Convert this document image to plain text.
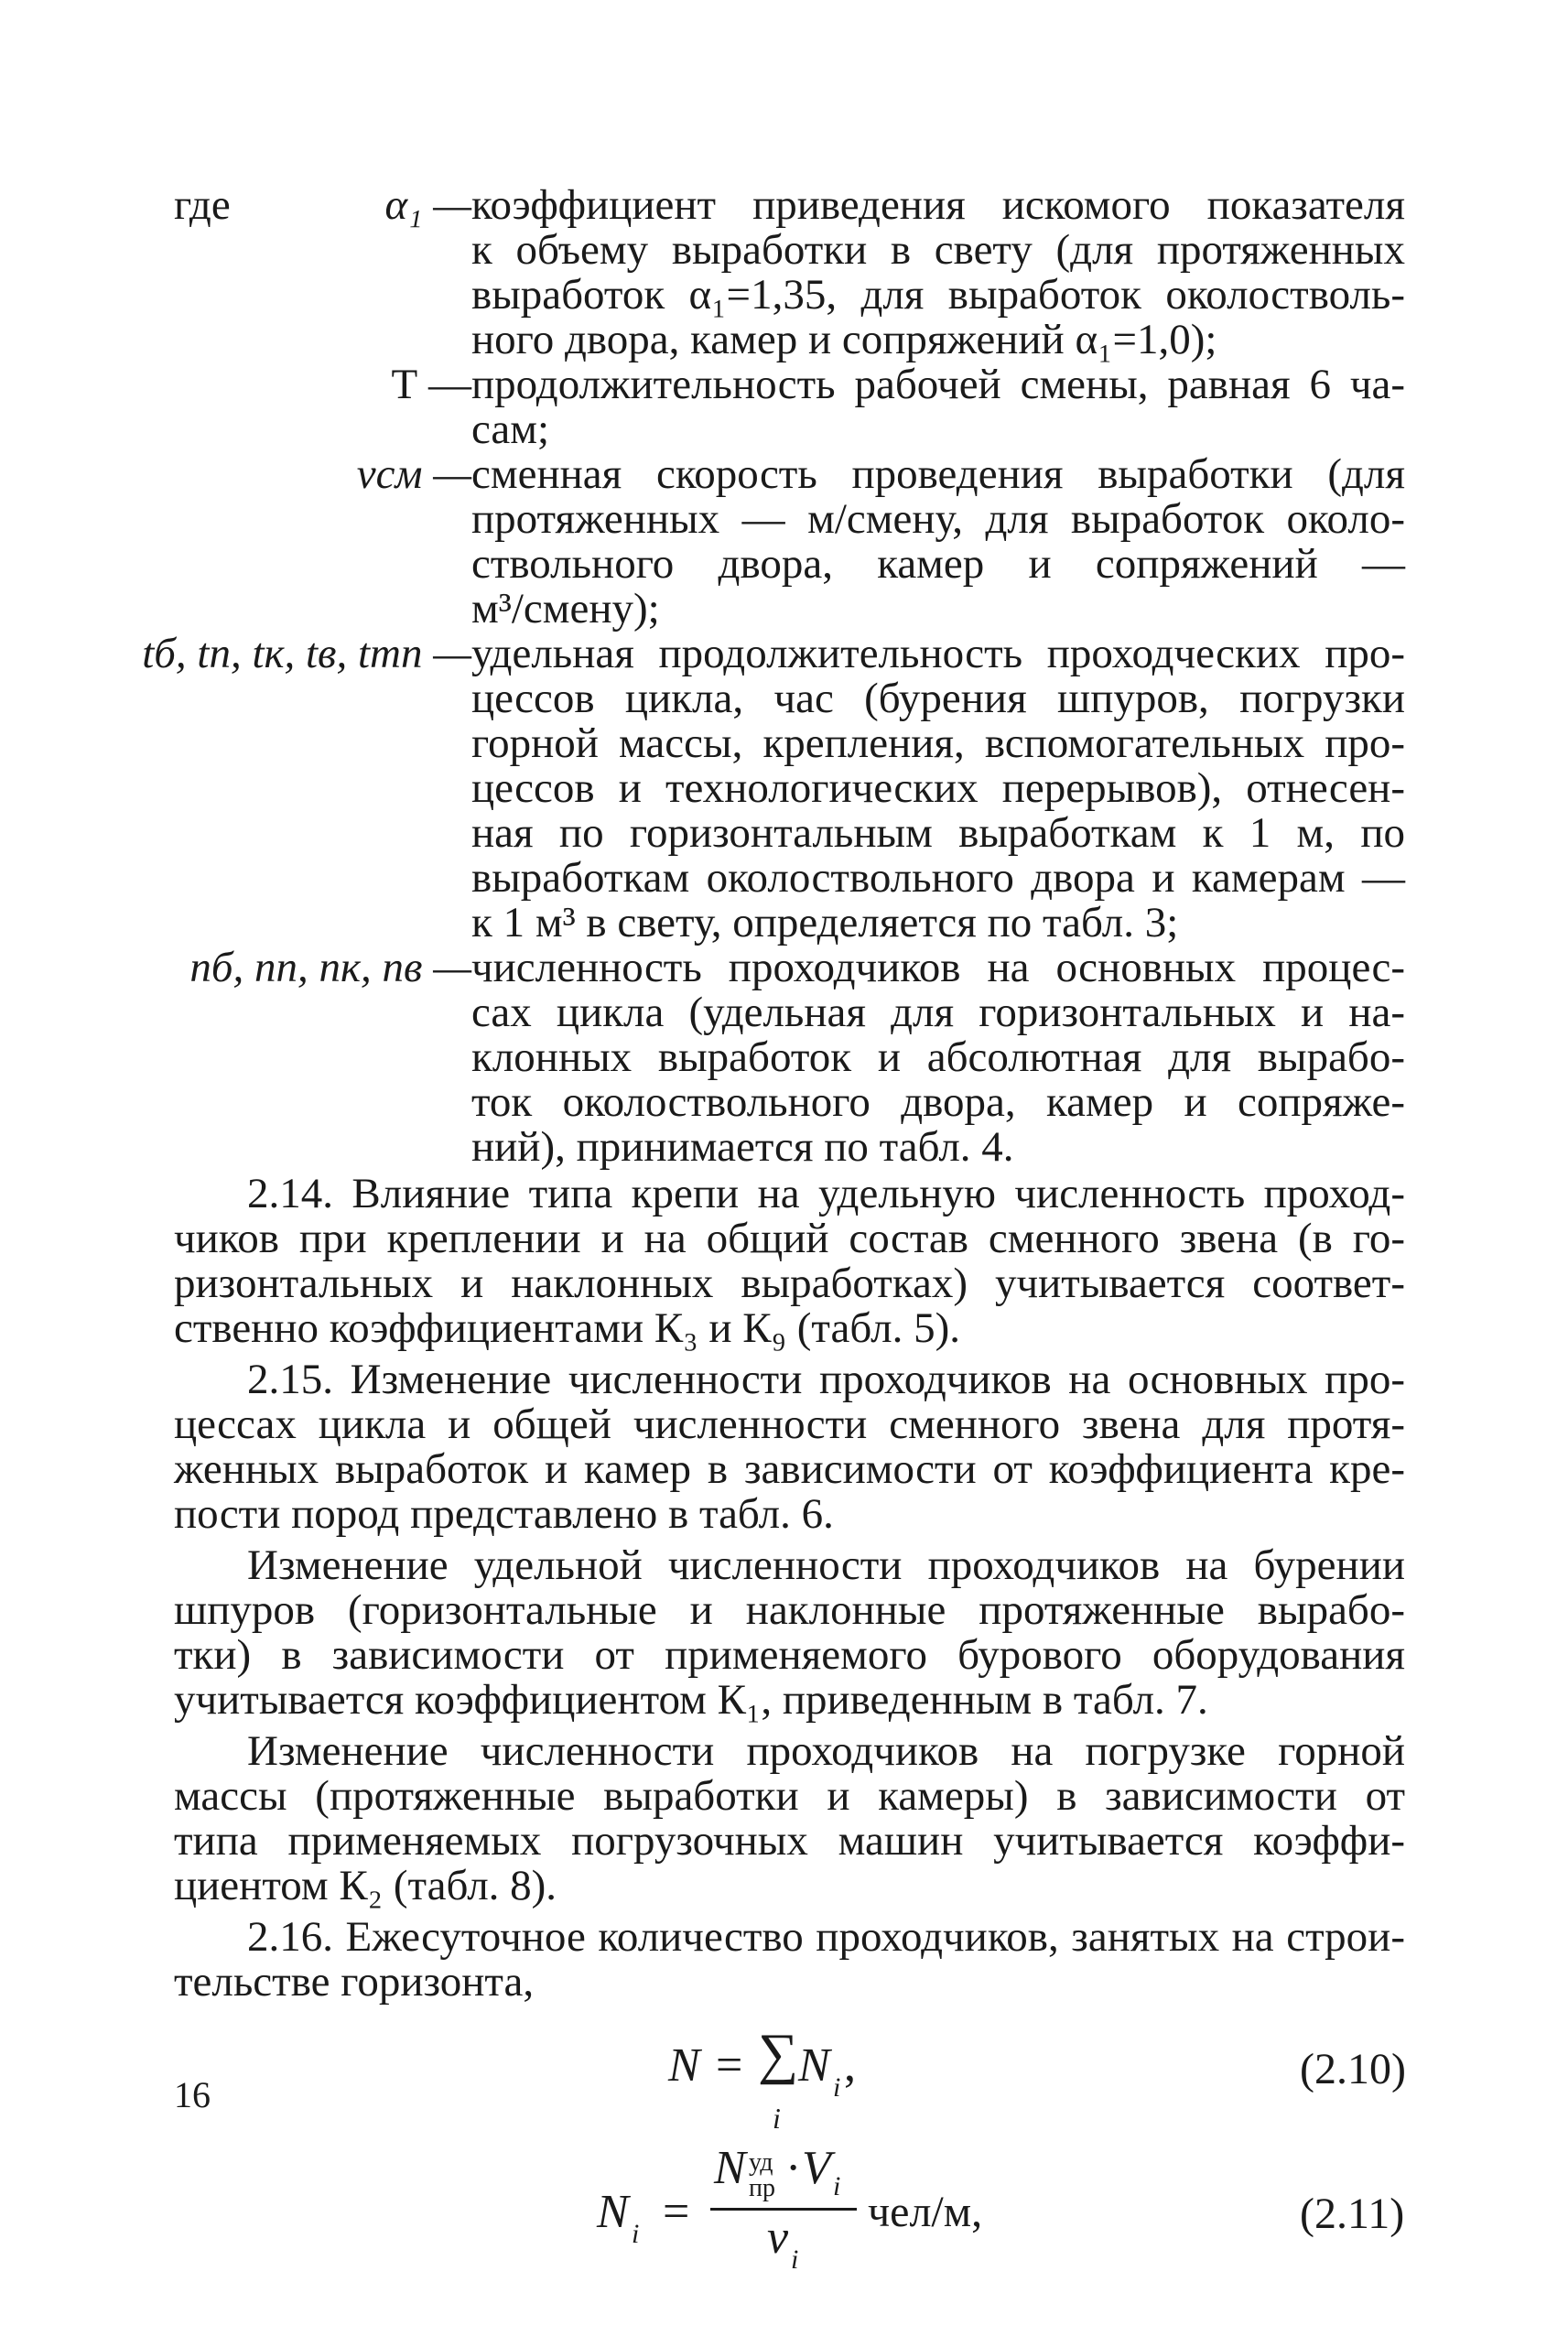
где	α₁ — коэффициент приведения искомого показателя
к объему выработки в свету (для протяженных
выработок α₁=1,35, для выработок околостволь-
ного двора, камер и сопряжений α₁=1,0);
Т — продолжительность рабочей смены, равная 6 ча-
сам;
vсм — сменная скорость проведения выработки (для
протяженных — м/смену, для выработок около-
ствольного двора, камер и сопряжений —
м³/смену);
tб, tп, tк, tв, tтп — удельная продолжительность проходческих про-
цессов цикла, час (бурения шпуров, погрузки
горной массы, крепления, вспомогательных про-
цессов и технологических перерывов), отнесен-
ная по горизонтальным выработкам к 1 м, по
выработкам околоствольного двора и камерам —
к 1 м³ в свету, определяется по табл. 3;
nб, nп, nк, nв — численность проходчиков на основных процес-
сах цикла (удельная для горизонтальных и на-
клонных выработок и абсолютная для вырабо-
ток околоствольного двора, камер и сопряже-
ний), принимается по табл. 4.
2.14. Влияние типа крепи на удельную численность проход-
чиков при креплении и на общий состав сменного звена (в го-
ризонтальных и наклонных выработках) учитывается соответ-
ственно коэффициентами К₃ и К₉ (табл. 5).
2.15. Изменение численности проходчиков на основных про-
цессах цикла и общей численности сменного звена для протя-
женных выработок и камер в зависимости от коэффициента кре-
пости пород представлено в табл. 6.
Изменение удельной численности проходчиков на бурении
шпуров (горизонтальные и наклонные протяженные вырабо-
тки) в зависимости от применяемого бурового оборудования
учитывается коэффициентом К₁, приведенным в табл. 7.
Изменение численности проходчиков на погрузке горной
массы (протяженные выработки и камеры) в зависимости от
типа применяемых погрузочных машин учитывается коэффи-
циентом К₂ (табл. 8).
2.16. Ежесуточное количество проходчиков, занятых на строи-
тельстве горизонта,
N = ∑
i
N i ,	(2.10)
N i =
N уд
пр · V i
v i
чел/м,	(2.11)
16
